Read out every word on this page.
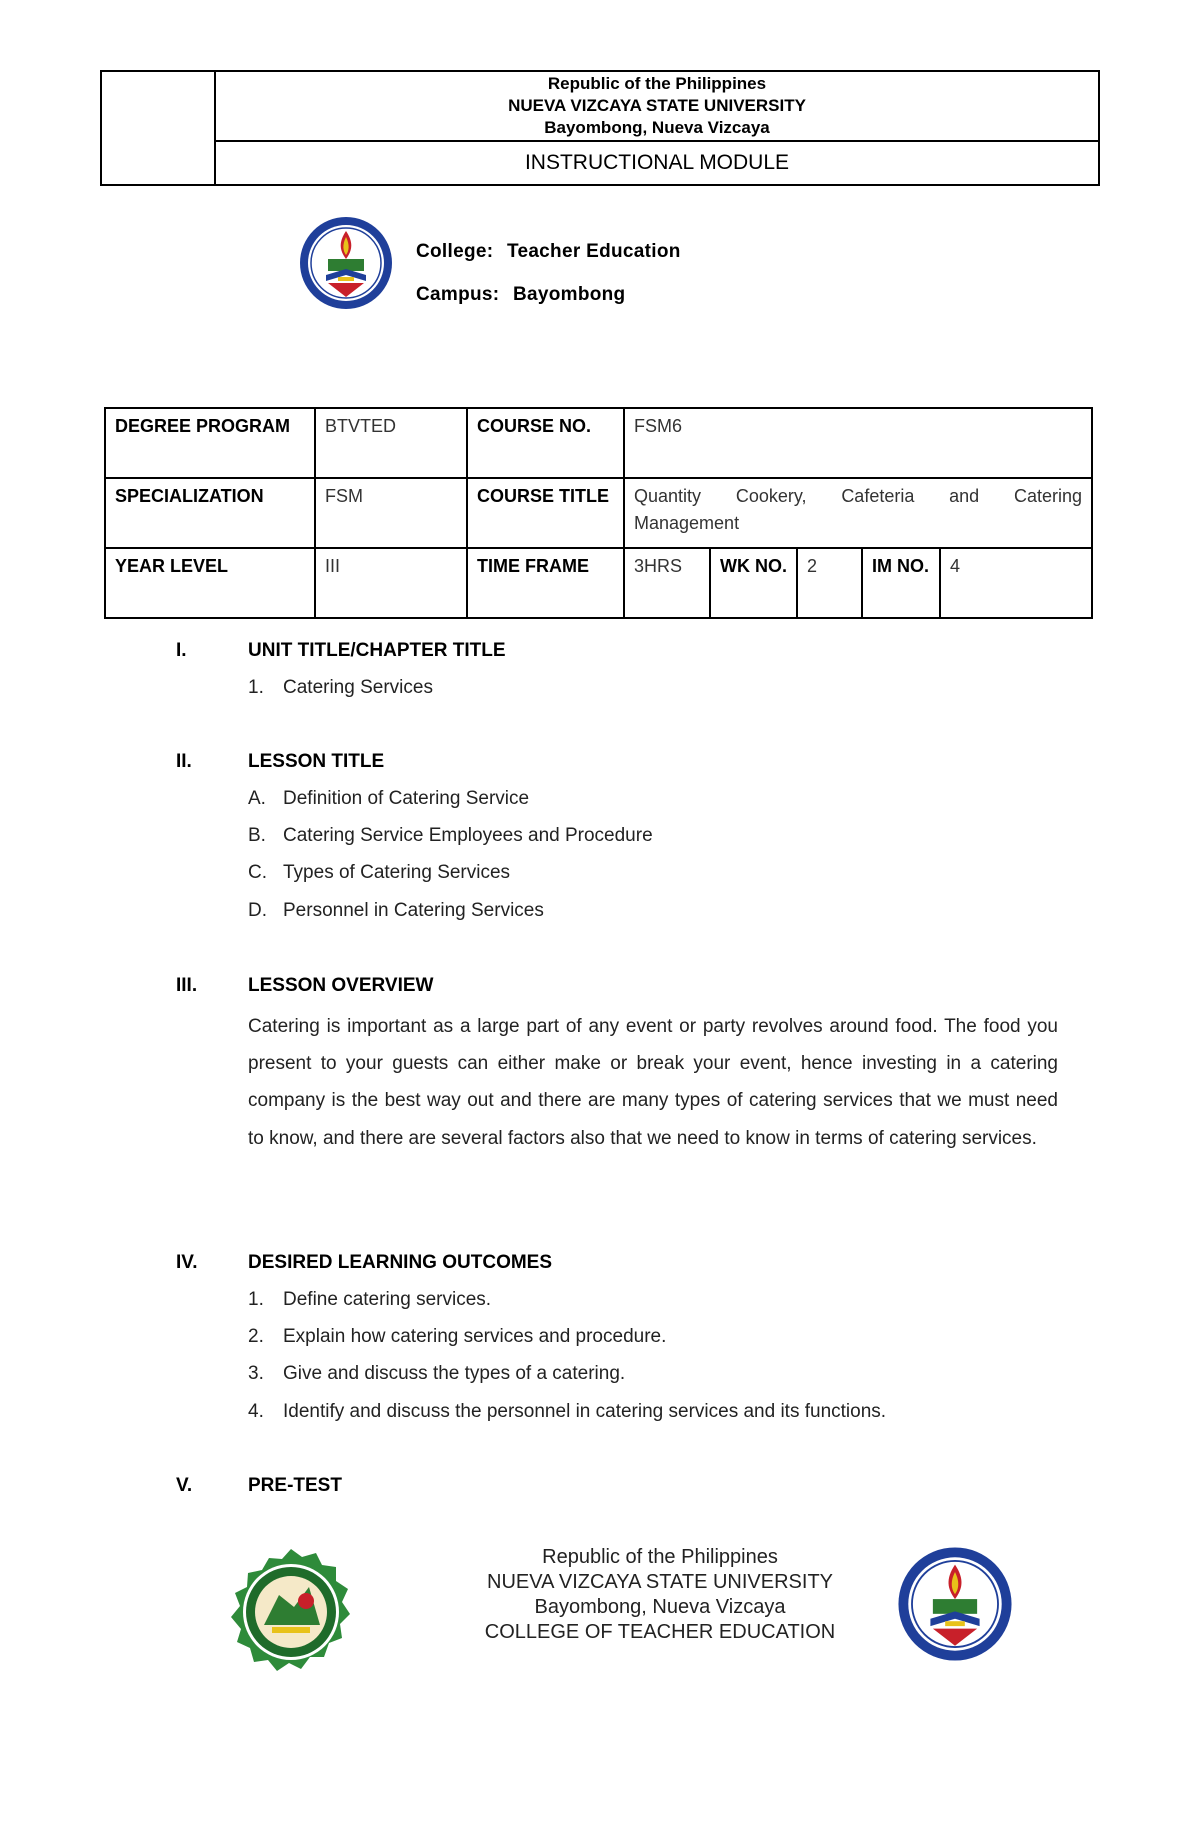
Republic of the Philippines
NUEVA VIZCAYA STATE UNIVERSITY
Bayombong, Nueva Vizcaya
INSTRUCTIONAL MODULE
College: Teacher Education
Campus: Bayombong
DEGREE PROGRAM	BTVTED	COURSE NO.	FSM6			
SPECIALIZATION	FSM	COURSE TITLE	Quantity Cookery, Cafeteria and Catering
Management			

YEAR LEVEL	III	TIME FRAME	3HRS	WK NO.	2	IM NO. 4
I.	UNIT TITLE/CHAPTER TITLE
1. Catering Services
II.	LESSON TITLE
A. Definition of Catering Service
B. Catering Service Employees and Procedure
C. Types of Catering Services
D. Personnel in Catering Services
III.	LESSON OVERVIEW
Catering is important as a large part of any event or party revolves around food. The food you present to your guests can either make or break your event, hence investing in a catering company is the best way out and there are many types of catering services that we must need to know, and there are several factors also that we need to know in terms of catering services.
IV.	DESIRED LEARNING OUTCOMES
1. Define catering services.
2. Explain how catering services and procedure.
3. Give and discuss the types of a catering.
4. Identify and discuss the personnel in catering services and its functions.
V.	PRE-TEST
Republic of the Philippines
NUEVA VIZCAYA STATE UNIVERSITY
Bayombong, Nueva Vizcaya
COLLEGE OF TEACHER EDUCATION
